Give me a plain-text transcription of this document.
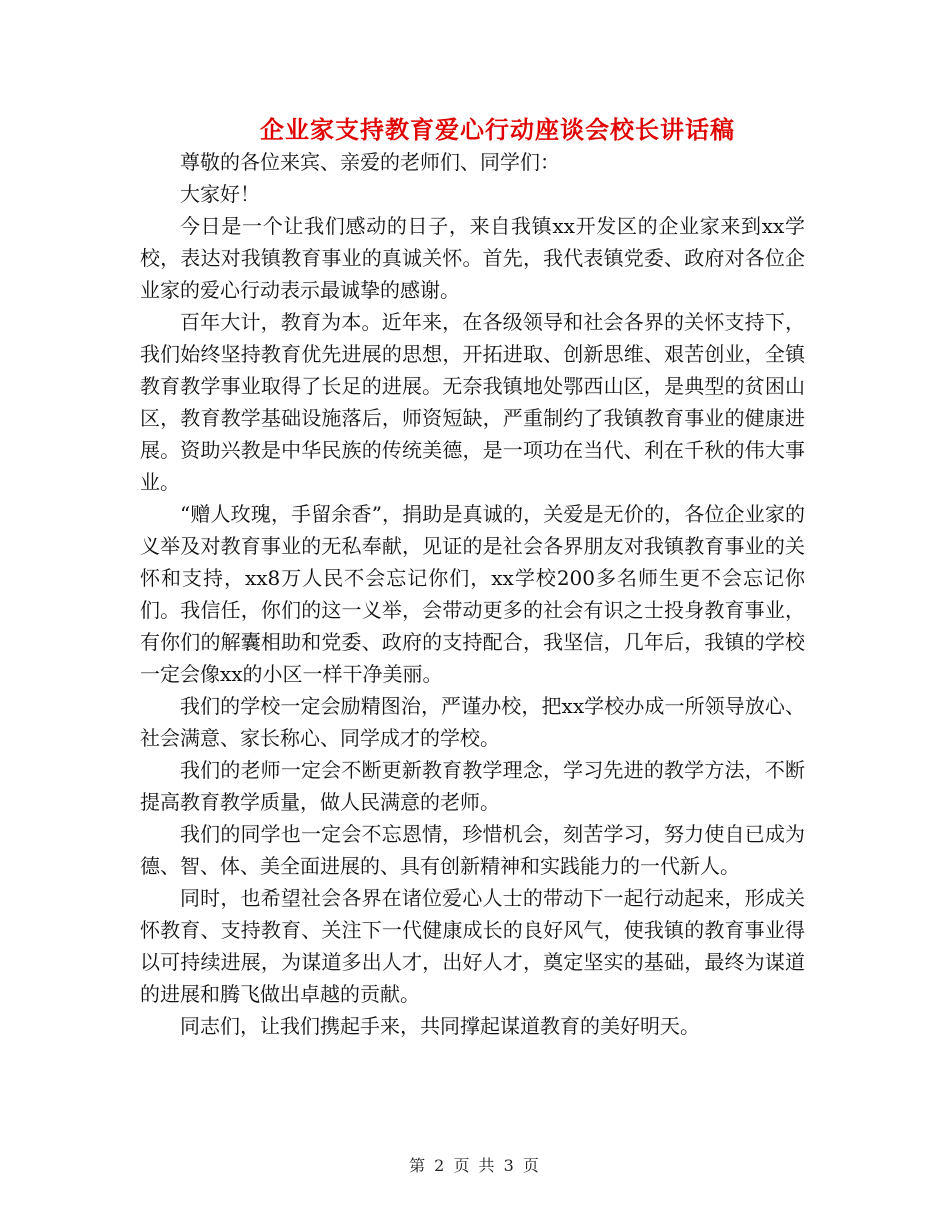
企业家支持教育爱心行动座谈会校长讲话稿

尊敬的各位来宾、亲爱的老师们、同学们：

大家好！

今日是一个让我们感动的日子，来自我镇xx开发区的企业家来到xx学校，表达对我镇教育事业的真诚关怀。首先，我代表镇党委、政府对各位企业家的爱心行动表示最诚挚的感谢。

百年大计，教育为本。近年来，在各级领导和社会各界的关怀支持下，我们始终坚持教育优先进展的思想，开拓进取、创新思维、艰苦创业，全镇教育教学事业取得了长足的进展。无奈我镇地处鄂西山区，是典型的贫困山区，教育教学基础设施落后，师资短缺，严重制约了我镇教育事业的健康进展。资助兴教是中华民族的传统美德，是一项功在当代、利在千秋的伟大事业。

“赠人玫瑰，手留余香”，捐助是真诚的，关爱是无价的，各位企业家的义举及对教育事业的无私奉献，见证的是社会各界朋友对我镇教育事业的关怀和支持，xx8万人民不会忘记你们，xx学校200多名师生更不会忘记你们。我信任，你们的这一义举，会带动更多的社会有识之士投身教育事业，有你们的解囊相助和党委、政府的支持配合，我坚信，几年后，我镇的学校一定会像xx的小区一样干净美丽。

我们的学校一定会励精图治，严谨办校，把xx学校办成一所领导放心、社会满意、家长称心、同学成才的学校。

我们的老师一定会不断更新教育教学理念，学习先进的教学方法，不断提高教育教学质量，做人民满意的老师。

我们的同学也一定会不忘恩情，珍惜机会，刻苦学习，努力使自已成为德、智、体、美全面进展的、具有创新精神和实践能力的一代新人。

同时，也希望社会各界在诸位爱心人士的带动下一起行动起来，形成关怀教育、支持教育、关注下一代健康成长的良好风气，使我镇的教育事业得以可持续进展，为谋道多出人才，出好人才，奠定坚实的基础，最终为谋道的进展和腾飞做出卓越的贡献。

同志们，让我们携起手来，共同撑起谋道教育的美好明天。

第 2 页 共 3 页
